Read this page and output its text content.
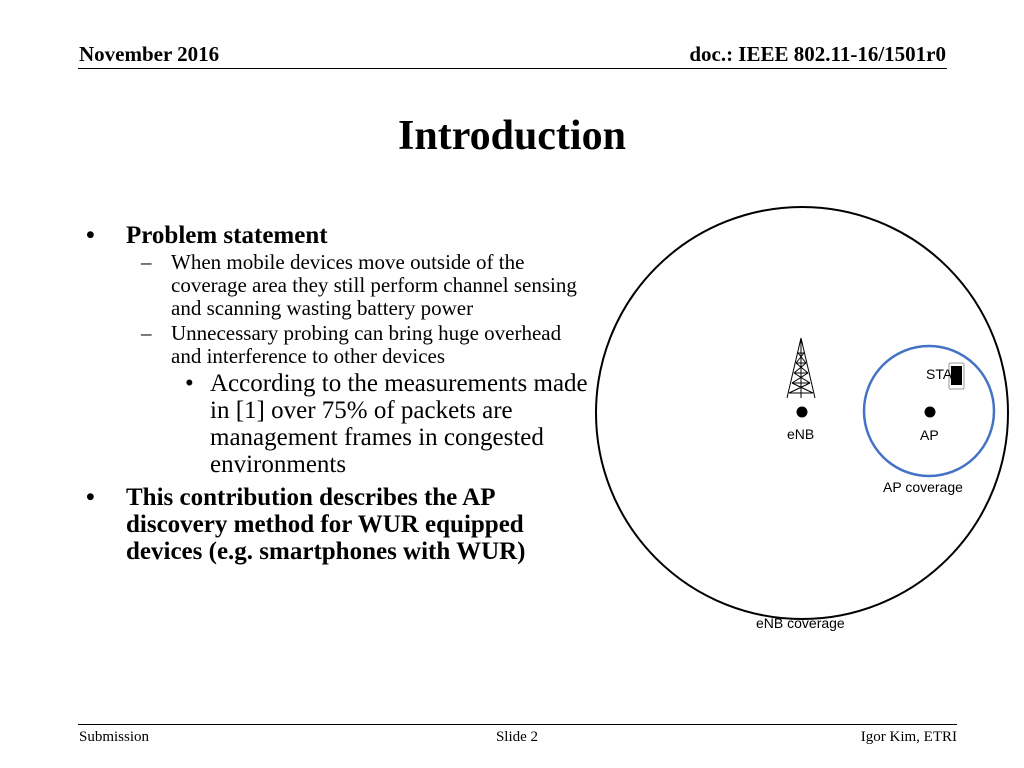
November 2016	doc.: IEEE 802.11-16/1501r0
Introduction
• Problem statement
– When mobile devices move outside of the coverage area they still perform channel sensing and scanning wasting battery power
– Unnecessary probing can bring huge overhead and interference to other devices
• According to the measurements made in [1] over 75% of packets are management frames in congested environments
• This contribution describes the AP discovery method for WUR equipped devices (e.g. smartphones with WUR)
STA
eNB	AP
AP coverage
eNB coverage
Submission	Slide 2	Igor Kim, ETRI
